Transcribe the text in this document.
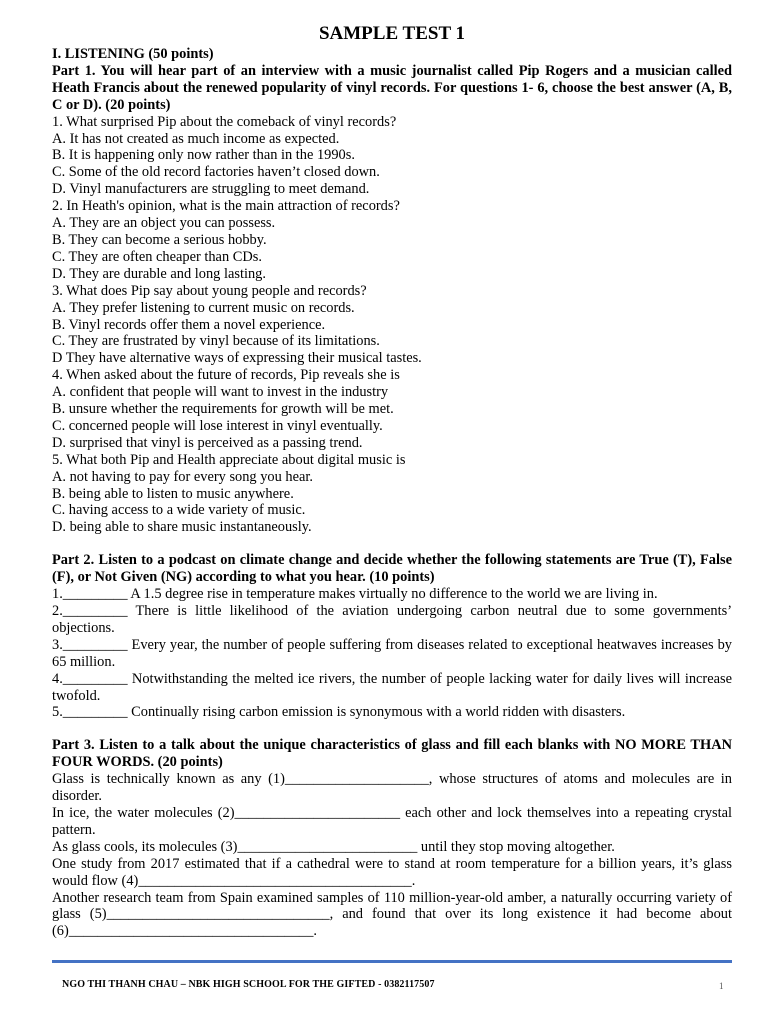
SAMPLE TEST 1

I. LISTENING (50 points)

Part 1. You will hear part of an interview with a music journalist called Pip Rogers and a musician called Heath Francis about the renewed popularity of vinyl records. For questions 1- 6, choose the best answer (A, B, C or D). (20 points)

1. What surprised Pip about the comeback of vinyl records?

A. It has not created as much income as expected.

B. It is happening only now rather than in the 1990s.

C. Some of the old record factories haven’t closed down.

D. Vinyl manufacturers are struggling to meet demand.

2. In Heath's opinion, what is the main attraction of records?

A. They are an object you can possess.

B. They can become a serious hobby.

C. They are often cheaper than CDs.

D. They are durable and long lasting.

3. What does Pip say about young people and records?

A. They prefer listening to current music on records.

B. Vinyl records offer them a novel experience.

C. They are frustrated by vinyl because of its limitations.

D They have alternative ways of expressing their musical tastes.

4. When asked about the future of records, Pip reveals she is

A. confident that people will want to invest in the industry

B. unsure whether the requirements for growth will be met.

C. concerned people will lose interest in vinyl eventually.

D. surprised that vinyl is perceived as a passing trend.

5. What both Pip and Health appreciate about digital music is

A. not having to pay for every song you hear.

B. being able to listen to music anywhere.

C. having access to a wide variety of music.

D. being able to share music instantaneously.

Part 2. Listen to a podcast on climate change and decide whether the following statements are True (T), False (F), or Not Given (NG) according to what you hear. (10 points)

1._________ A 1.5 degree rise in temperature makes virtually no difference to the world we are living in.

2._________ There is little likelihood of the aviation undergoing carbon neutral due to some governments’ objections.

3._________ Every year, the number of people suffering from diseases related to exceptional heatwaves increases by 65 million.

4._________ Notwithstanding the melted ice rivers, the number of people lacking water for daily lives will increase twofold.

5._________ Continually rising carbon emission is synonymous with a world ridden with disasters.

Part 3. Listen to a talk about the unique characteristics of glass and fill each blanks with NO MORE THAN FOUR WORDS. (20 points)

Glass is technically known as any (1)____________________, whose structures of atoms and molecules are in disorder.

In ice, the water molecules (2)_______________________ each other and lock themselves into a repeating crystal pattern.

As glass cools, its molecules (3)_________________________ until they stop moving altogether.

One study from 2017 estimated that if a cathedral were to stand at room temperature for a billion years, it’s glass would flow (4)______________________________________.

Another research team from Spain examined samples of 110 million-year-old amber, a naturally occurring variety of glass (5)_______________________________, and found that over its long existence it had become about (6)__________________________________.

NGO THI THANH CHAU – NBK HIGH SCHOOL FOR THE GIFTED - 0382117507	1
